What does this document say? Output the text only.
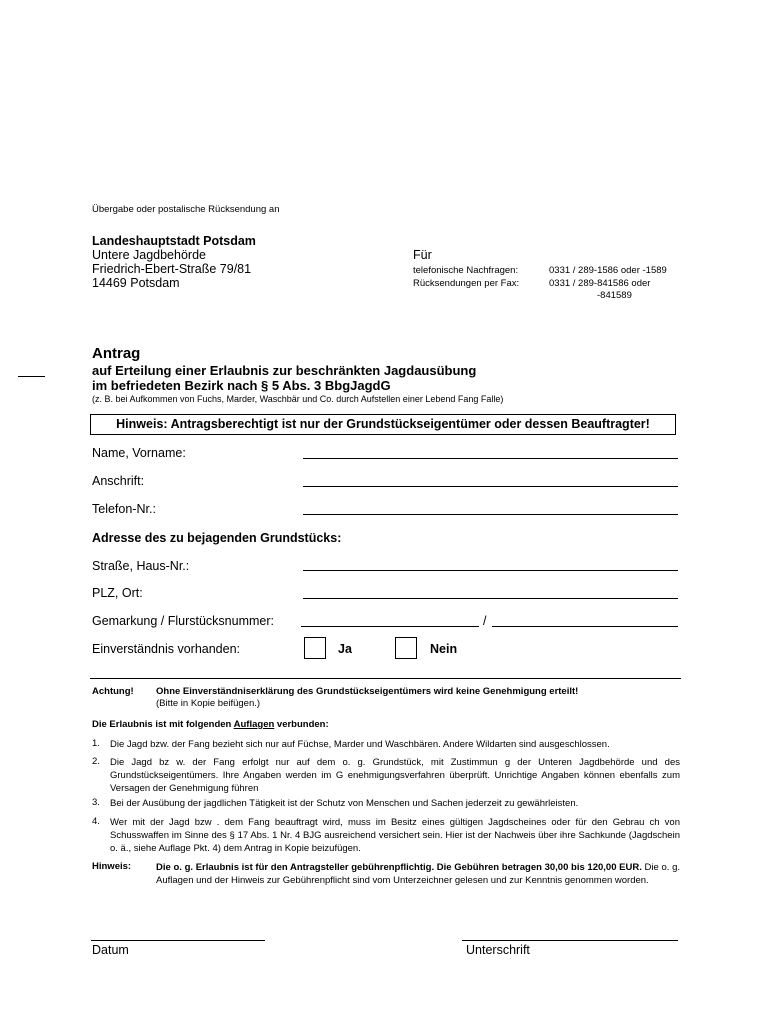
Übergabe oder postalische Rücksendung an
Landeshauptstadt Potsdam
Untere Jagdbehörde
Friedrich-Ebert-Straße 79/81
14469 Potsdam
Für
telefonische Nachfragen:	0331 / 289-1586 oder -1589
Rücksendungen per Fax:	0331 / 289-841586 oder
-841589
Antrag
auf Erteilung einer Erlaubnis zur beschränkten Jagdausübung
im befriedeten Bezirk nach § 5 Abs. 3 BbgJagdG
(z. B. bei Aufkommen von Fuchs, Marder, Waschbär und Co. durch Aufstellen einer Lebend Fang Falle)
Hinweis: Antragsberechtigt ist nur der Grundstückseigentümer oder dessen Beauftragter!
Name, Vorname:
Anschrift:
Telefon-Nr.:
Adresse des zu bejagenden Grundstücks:
Straße, Haus-Nr.:
PLZ, Ort:
Gemarkung / Flurstücksnummer:	/
Einverständnis vorhanden:	Ja	Nein
Achtung! Ohne Einverständniserklärung des Grundstückseigentümers wird keine Genehmigung erteilt!
(Bitte in Kopie beifügen.)
Die Erlaubnis ist mit folgenden Auflagen verbunden:
1. Die Jagd bzw. der Fang bezieht sich nur auf Füchse, Marder und Waschbären. Andere Wildarten sind ausgeschlossen.
2. Die Jagd bz w. der Fang erfolgt nur auf dem o. g. Grundstück, mit Zustimmun g der Unteren Jagdbehörde und des Grundstückseigentümers. Ihre Angaben werden im G enehmigungsverfahren überprüft. Unrichtige Angaben können ebenfalls zum Versagen der Genehmigung führen
3. Bei der Ausübung der jagdlichen Tätigkeit ist der Schutz von Menschen und Sachen jederzeit zu gewährleisten.
4. Wer mit der Jagd bzw . dem Fang beauftragt wird, muss im Besitz eines gültigen Jagdscheines oder für den Gebrau ch von Schusswaffen im Sinne des § 17 Abs. 1 Nr. 4 BJG ausreichend versichert sein. Hier ist der Nachweis über ihre Sachkunde (Jagdschein o. ä., siehe Auflage Pkt. 4) dem Antrag in Kopie beizufügen.
Hinweis:	Die o. g. Erlaubnis ist für den Antragsteller gebührenpflichtig. Die Gebühren betragen 30,00 bis 120,00 EUR. Die o. g. Auflagen und der Hinweis zur Gebührenpflicht sind vom Unterzeichner gelesen und zur Kenntnis genommen worden.
Datum	Unterschrift
